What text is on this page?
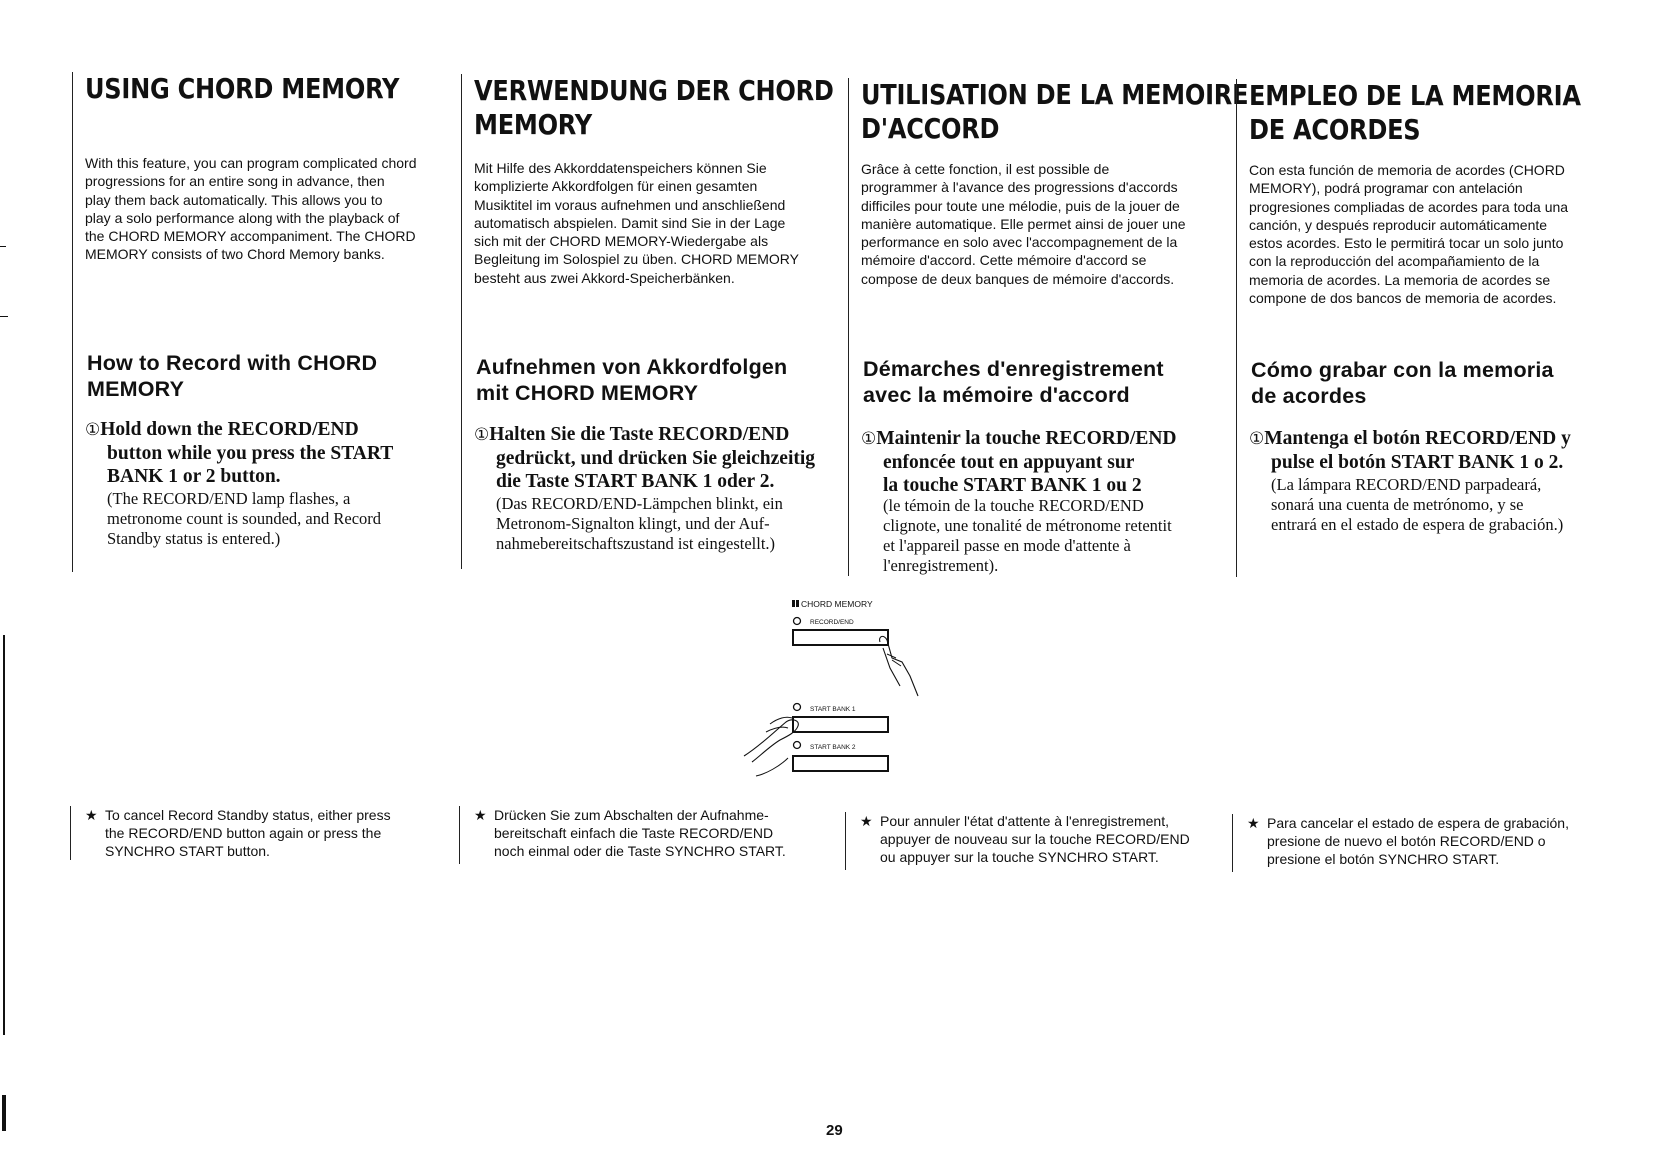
USING CHORD MEMORY
With this feature, you can program complicated chord
progressions for an entire song in advance, then
play them back automatically. This allows you to
play a solo performance along with the playback of
the CHORD MEMORY accompaniment. The CHORD
MEMORY consists of two Chord Memory banks.
How to Record with CHORD
MEMORY
①Hold down the RECORD/END
button while you press the START
BANK 1 or 2 button.
(The RECORD/END lamp flashes, a
metronome count is sounded, and Record
Standby status is entered.)
VERWENDUNG DER CHORD
MEMORY
Mit Hilfe des Akkorddatenspeichers können Sie
komplizierte Akkordfolgen für einen gesamten
Musiktitel im voraus aufnehmen und anschließend
automatisch abspielen. Damit sind Sie in der Lage
sich mit der CHORD MEMORY-Wiedergabe als
Begleitung im Solospiel zu üben. CHORD MEMORY
besteht aus zwei Akkord-Speicherbänken.
Aufnehmen von Akkordfolgen
mit CHORD MEMORY
①Halten Sie die Taste RECORD/END
gedrückt, und drücken Sie gleichzeitig
die Taste START BANK 1 oder 2.
(Das RECORD/END-Lämpchen blinkt, ein
Metronom-Signalton klingt, und der Auf-
nahmebereitschaftszustand ist eingestellt.)
UTILISATION DE LA MEMOIRE
D'ACCORD
Grâce à cette fonction, il est possible de
programmer à l'avance des progressions d'accords
difficiles pour toute une mélodie, puis de la jouer de
manière automatique. Elle permet ainsi de jouer une
performance en solo avec l'accompagnement de la
mémoire d'accord. Cette mémoire d'accord se
compose de deux banques de mémoire d'accords.
Démarches d'enregistrement
avec la mémoire d'accord
①Maintenir la touche RECORD/END
enfoncée tout en appuyant sur
la touche START BANK 1 ou 2
(le témoin de la touche RECORD/END
clignote, une tonalité de métronome retentit
et l'appareil passe en mode d'attente à
l'enregistrement).
EMPLEO DE LA MEMORIA
DE ACORDES
Con esta función de memoria de acordes (CHORD
MEMORY), podrá programar con antelación
progresiones compliadas de acordes para toda una
canción, y después reproducir automáticamente
estos acordes. Esto le permitirá tocar un solo junto
con la reproducción del acompañamiento de la
memoria de acordes. La memoria de acordes se
compone de dos bancos de memoria de acordes.
Cómo grabar con la memoria
de acordes
①Mantenga el botón RECORD/END y
pulse el botón START BANK 1 o 2.
(La lámpara RECORD/END parpadeará,
sonará una cuenta de metrónomo, y se
entrará en el estado de espera de grabación.)
CHORD MEMORY
RECORD/END
START BANK 1
START BANK 2
★ To cancel Record Standby status, either press
the RECORD/END button again or press the
SYNCHRO START button.
★ Drücken Sie zum Abschalten der Aufnahme-
bereitschaft einfach die Taste RECORD/END
noch einmal oder die Taste SYNCHRO START.
★ Pour annuler l'état d'attente à l'enregistrement,
appuyer de nouveau sur la touche RECORD/END
ou appuyer sur la touche SYNCHRO START.
★ Para cancelar el estado de espera de grabación,
presione de nuevo el botón RECORD/END o
presione el botón SYNCHRO START.
29
